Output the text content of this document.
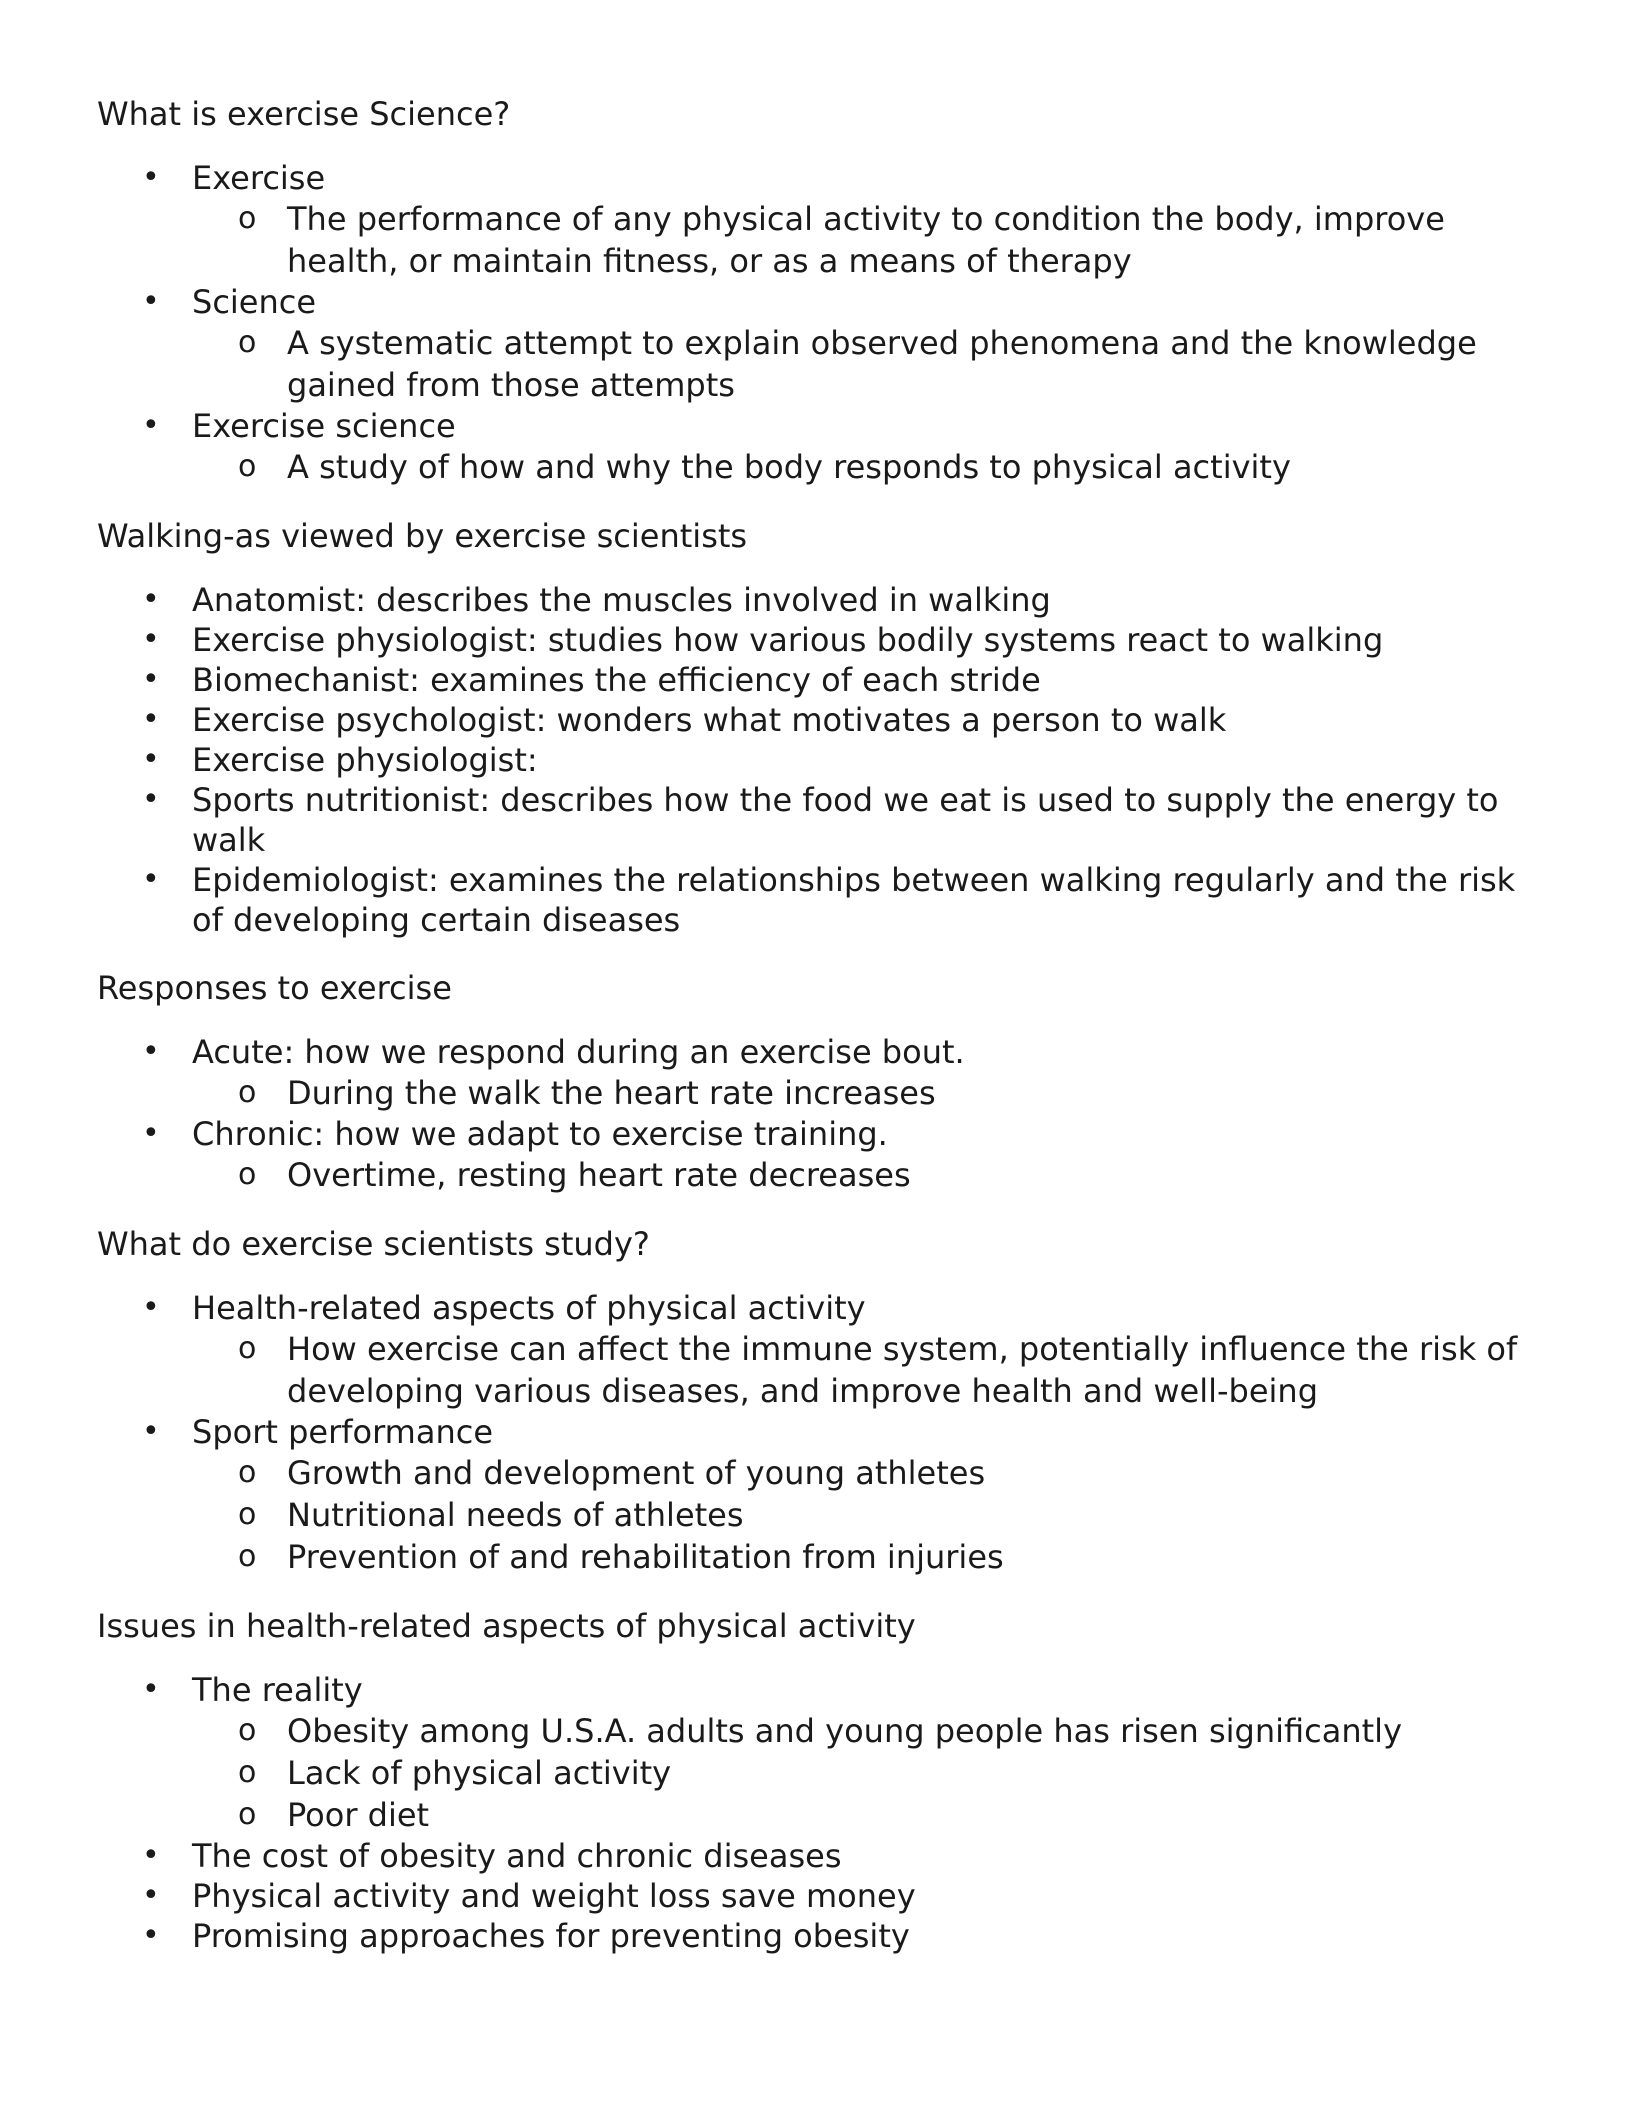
What is exercise Science?
•	Exercise
o The performance of any physical activity to condition the body, improve health, or maintain fitness, or as a means of therapy
•	Science
o A systematic attempt to explain observed phenomena and the knowledge gained from those attempts
•	Exercise science
o A study of how and why the body responds to physical activity
Walking-as viewed by exercise scientists
•	Anatomist: describes the muscles involved in walking
•	Exercise physiologist: studies how various bodily systems react to walking
•	Biomechanist: examines the efficiency of each stride
•	Exercise psychologist: wonders what motivates a person to walk
•	Exercise physiologist:
•	Sports nutritionist: describes how the food we eat is used to supply the energy to walk
•	Epidemiologist: examines the relationships between walking regularly and the risk of developing certain diseases
Responses to exercise
•	Acute: how we respond during an exercise bout.
o During the walk the heart rate increases
•	Chronic: how we adapt to exercise training.
o Overtime, resting heart rate decreases
What do exercise scientists study?
•	Health-related aspects of physical activity
o How exercise can affect the immune system, potentially influence the risk of developing various diseases, and improve health and well-being
•	Sport performance
o Growth and development of young athletes
o Nutritional needs of athletes
o Prevention of and rehabilitation from injuries
Issues in health-related aspects of physical activity
•	The reality
o Obesity among U.S.A. adults and young people has risen significantly
o Lack of physical activity
o Poor diet
•	The cost of obesity and chronic diseases
•	Physical activity and weight loss save money
•	Promising approaches for preventing obesity
